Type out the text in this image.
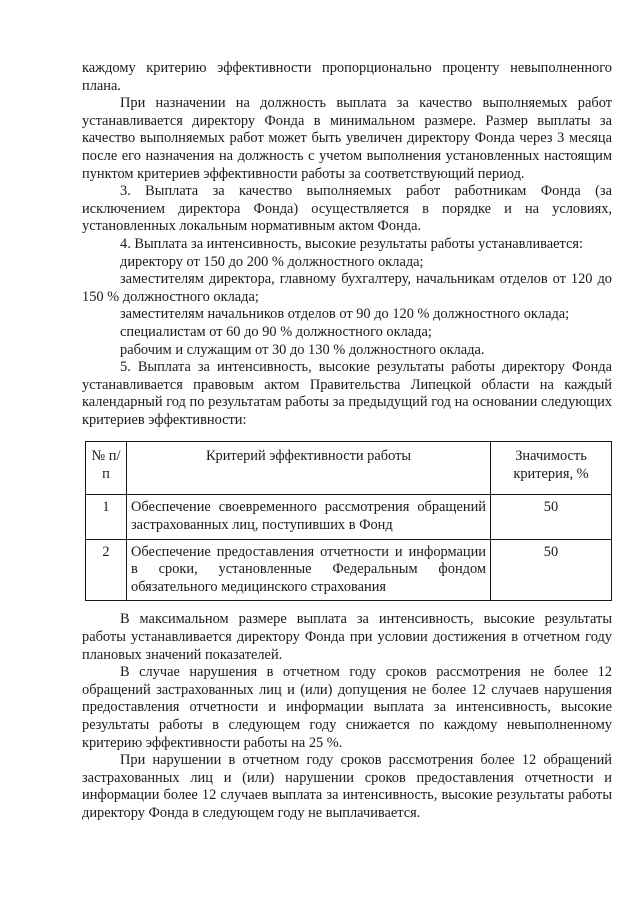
каждому критерию эффективности пропорционально проценту невыполненного плана.

При назначении на должность выплата за качество выполняемых работ устанавливается директору Фонда в минимальном размере. Размер выплаты за качество выполняемых работ может быть увеличен директору Фонда через 3 месяца после его назначения на должность с учетом выполнения установленных настоящим пунктом критериев эффективности работы за соответствующий период.

3. Выплата за качество выполняемых работ работникам Фонда (за исключением директора Фонда) осуществляется в порядке и на условиях, установленных локальным нормативным актом Фонда.

4. Выплата за интенсивность, высокие результаты работы устанавливается:

директору от 150 до 200 % должностного оклада;

заместителям директора, главному бухгалтеру, начальникам отделов от 120 до 150 % должностного оклада;

заместителям начальников отделов от 90 до 120 % должностного оклада;

специалистам от 60 до 90 % должностного оклада;

рабочим и служащим от 30 до 130 % должностного оклада.

5. Выплата за интенсивность, высокие результаты работы директору Фонда устанавливается правовым актом Правительства Липецкой области на каждый календарный год по результатам работы за предыдущий год на основании следующих критериев эффективности:

№ п/п	Критерий эффективности работы	Значимость критерия, %
1	Обеспечение своевременного рассмотрения обращений застрахованных лиц, поступивших в Фонд	50
2	Обеспечение предоставления отчетности и информации в сроки, установленные Федеральным фондом обязательного медицинского страхования	50

В максимальном размере выплата за интенсивность, высокие результаты работы устанавливается директору Фонда при условии достижения в отчетном году плановых значений показателей.

В случае нарушения в отчетном году сроков рассмотрения не более 12 обращений застрахованных лиц и (или) допущения не более 12 случаев нарушения предоставления отчетности и информации выплата за интенсивность, высокие результаты работы в следующем году снижается по каждому невыполненному критерию эффективности работы на 25 %.

При нарушении в отчетном году сроков рассмотрения более 12 обращений застрахованных лиц и (или) нарушении сроков предоставления отчетности и информации более 12 случаев выплата за интенсивность, высокие результаты работы директору Фонда в следующем году не выплачивается.
